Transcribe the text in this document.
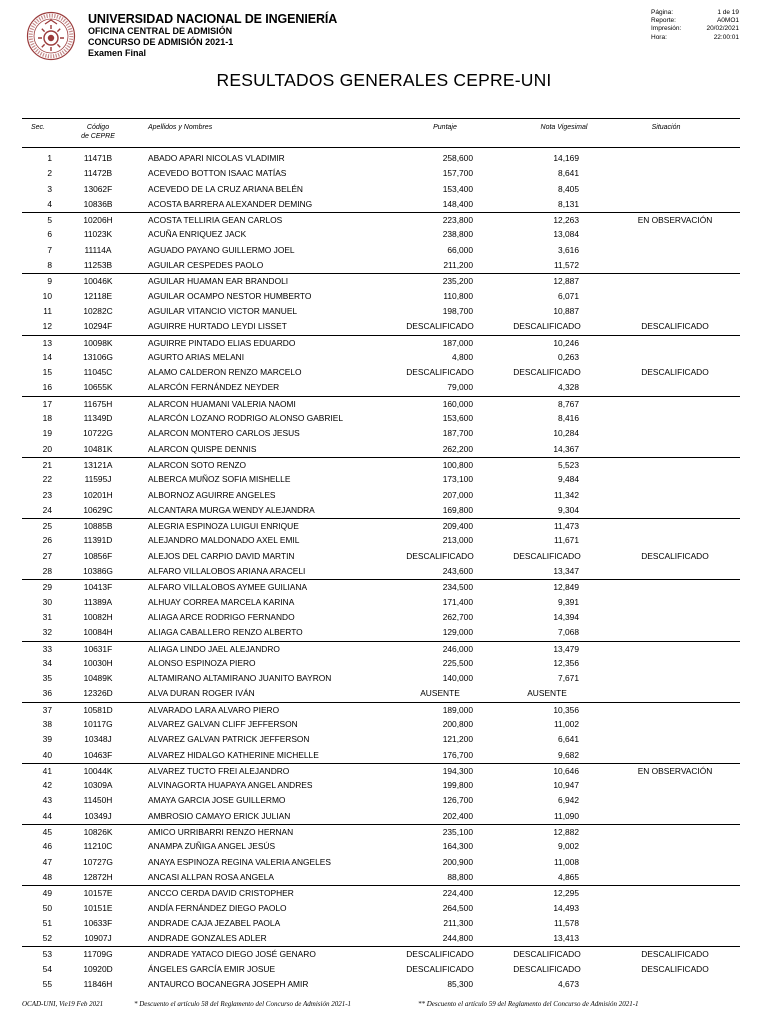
UNIVERSIDAD NACIONAL DE INGENIERÍA
OFICINA CENTRAL DE ADMISIÓN
CONCURSO DE ADMISIÓN 2021-1
Examen Final
Página:	1 de 19
Reporte:	A0MO1
Impresión:	20/02/2021
Hora:	22:00:01
RESULTADOS GENERALES CEPRE-UNI
Sec.	Código
de CEPRE
Apellidos y Nombres	Puntaje	Nota Vigesimal	Situación
1	11471B	ABADO APARI NICOLAS VLADIMIR	258,600	14,169
2	11472B	ACEVEDO BOTTON ISAAC MATÍAS	157,700	8,641
3	13062F	ACEVEDO DE LA CRUZ ARIANA BELÉN	153,400	8,405
4	10836B	ACOSTA BARRERA ALEXANDER DEMING	148,400	8,131
5	10206H	ACOSTA TELLIRIA GEAN CARLOS	223,800	12,263	EN OBSERVACIÓN
6	11023K	ACUÑA ENRIQUEZ JACK	238,800	13,084
7	11114A	AGUADO PAYANO GUILLERMO JOEL	66,000	3,616
8	11253B	AGUILAR CESPEDES PAOLO	211,200	11,572
9	10046K	AGUILAR HUAMAN EAR BRANDOLI	235,200	12,887
10	12118E	AGUILAR OCAMPO NESTOR HUMBERTO	110,800	6,071
11	10282C	AGUILAR VITANCIO VICTOR MANUEL	198,700	10,887
12	10294F	AGUIRRE HURTADO LEYDI LISSET	DESCALIFICADO	DESCALIFICADO	DESCALIFICADO
13	10098K	AGUIRRE PINTADO ELIAS EDUARDO	187,000	10,246
14	13106G	AGURTO ARIAS MELANI	4,800	0,263
15	11045C	ALAMO CALDERON RENZO MARCELO	DESCALIFICADO	DESCALIFICADO	DESCALIFICADO
16	10655K	ALARCÓN FERNÁNDEZ NEYDER	79,000	4,328
17	11675H	ALARCON HUAMANI VALERIA NAOMI	160,000	8,767
18	11349D	ALARCÓN LOZANO RODRIGO ALONSO GABRIEL	153,600	8,416
19	10722G	ALARCON MONTERO CARLOS JESUS	187,700	10,284
20	10481K	ALARCON QUISPE DENNIS	262,200	14,367
21	13121A	ALARCON SOTO RENZO	100,800	5,523
22	11595J	ALBERCA MUÑOZ SOFIA MISHELLE	173,100	9,484
23	10201H	ALBORNOZ AGUIRRE ANGELES	207,000	11,342
24	10629C	ALCANTARA MURGA WENDY ALEJANDRA	169,800	9,304
25	10885B	ALEGRIA ESPINOZA LUIGUI ENRIQUE	209,400	11,473
26	11391D	ALEJANDRO MALDONADO AXEL EMIL	213,000	11,671
27	10856F	ALEJOS DEL CARPIO DAVID MARTIN	DESCALIFICADO	DESCALIFICADO	DESCALIFICADO
28	10386G	ALFARO VILLALOBOS ARIANA ARACELI	243,600	13,347
29	10413F	ALFARO VILLALOBOS AYMEE GUILIANA	234,500	12,849
30	11389A	ALHUAY CORREA MARCELA KARINA	171,400	9,391
31	10082H	ALIAGA ARCE RODRIGO FERNANDO	262,700	14,394
32	10084H	ALIAGA CABALLERO RENZO ALBERTO	129,000	7,068
33	10631F	ALIAGA LINDO JAEL ALEJANDRO	246,000	13,479
34	10030H	ALONSO ESPINOZA PIERO	225,500	12,356
35	10489K	ALTAMIRANO ALTAMIRANO JUANITO BAYRON	140,000	7,671
36	12326D	ALVA DURAN ROGER IVÁN	AUSENTE	AUSENTE
37	10581D	ALVARADO LARA ALVARO PIERO	189,000	10,356
38	10117G	ALVAREZ GALVAN CLIFF JEFFERSON	200,800	11,002
39	10348J	ALVAREZ GALVAN PATRICK JEFFERSON	121,200	6,641
40	10463F	ALVAREZ HIDALGO KATHERINE MICHELLE	176,700	9,682
41	10044K	ALVAREZ TUCTO FREI ALEJANDRO	194,300	10,646	EN OBSERVACIÓN
42	10309A	ALVINAGORTA HUAPAYA ANGEL ANDRES	199,800	10,947
43	11450H	AMAYA GARCIA JOSE GUILLERMO	126,700	6,942
44	10349J	AMBROSIO CAMAYO ERICK JULIAN	202,400	11,090
45	10826K	AMICO URRIBARRI RENZO HERNAN	235,100	12,882
46	11210C	ANAMPA ZUÑIGA ANGEL JESÚS	164,300	9,002
47	10727G	ANAYA ESPINOZA REGINA VALERIA ANGELES	200,900	11,008
48	12872H	ANCASI ALLPAN ROSA ANGELA	88,800	4,865
49	10157E	ANCCO CERDA DAVID CRISTOPHER	224,400	12,295
50	10151E	ANDÍA FERNÁNDEZ DIEGO PAOLO	264,500	14,493
51	10633F	ANDRADE CAJA JEZABEL PAOLA	211,300	11,578
52	10907J	ANDRADE GONZALES ADLER	244,800	13,413
53	11709G	ANDRADE YATACO DIEGO JOSÉ GENARO	DESCALIFICADO	DESCALIFICADO	DESCALIFICADO
54	10920D	ÁNGELES GARCÍA EMIR JOSUE	DESCALIFICADO	DESCALIFICADO	DESCALIFICADO
55	11846H	ANTAURCO BOCANEGRA JOSEPH AMIR	85,300	4,673
OCAD-UNI, Vie19 Feb 2021	* Descuento el artículo 58 del Reglamento del Concurso de Admisión 2021-1	** Descuento el artículo 59 del Reglamento del Concurso de Admisión 2021-1
